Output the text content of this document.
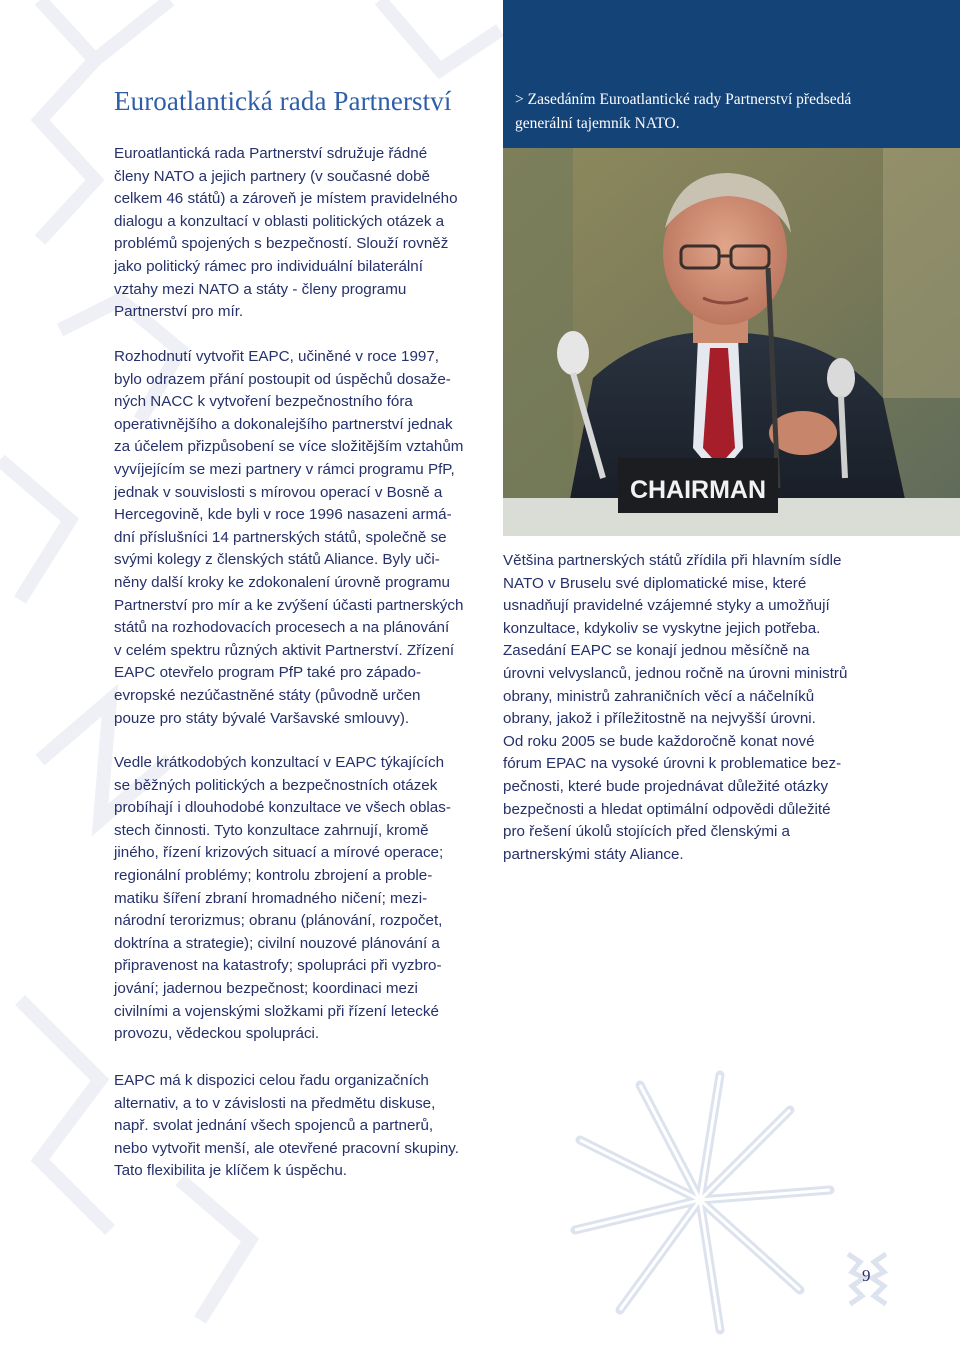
Euroatlantická rada Partnerství	> Zasedáním Euroatlantické rady Partnerství předsedá
generální tajemník NATO.

CHAIRMAN

Euroatlantická rada Partnerství sdružuje řádné
členy NATO a jejich partnery (v současné době
celkem 46 států) a zároveň je místem pravidelného
dialogu a konzultací v oblasti politických otázek a
problémů spojených s bezpečností. Slouží rovněž
jako politický rámec pro individuální bilaterální
vztahy mezi NATO a státy - členy programu
Partnerství pro mír.

Rozhodnutí vytvořit EAPC, učiněné v roce 1997,
bylo odrazem přání postoupit od úspěchů dosaže-
ných NACC k vytvoření bezpečnostního fóra
operativnějšího a dokonalejšího partnerství jednak
za účelem přizpůsobení se více složitějším vztahům
vyvíjejícím se mezi partnery v rámci programu PfP,
jednak v souvislosti s mírovou operací v Bosně a
Hercegovině, kde byli v roce 1996 nasazeni armá-
dní příslušníci 14 partnerských států, společně se
svými kolegy z členských států Aliance. Byly uči-
něny další kroky ke zdokonalení úrovně programu
Partnerství pro mír a ke zvýšení účasti partnerských
států na rozhodovacích procesech a na plánování
v celém spektru různých aktivit Partnerství. Zřízení
EAPC otevřelo program PfP také pro západo-
evropské nezúčastněné státy (původně určen
pouze pro státy bývalé Varšavské smlouvy).

Vedle krátkodobých konzultací v EAPC týkajících
se běžných politických a bezpečnostních otázek
probíhají i dlouhodobé konzultace ve všech oblas-
stech činnosti. Tyto konzultace zahrnují, kromě
jiného, řízení krizových situací a mírové operace;
regionální problémy; kontrolu zbrojení a proble-
matiku šíření zbraní hromadného ničení; mezi-
národní terorizmus; obranu (plánování, rozpočet,
doktrína a strategie); civilní nouzové plánování a
připravenost na katastrofy; spolupráci při vyzbro-
jování; jadernou bezpečnost; koordinaci mezi
civilními a vojenskými složkami při řízení letecké
provozu, vědeckou spolupráci.

EAPC má k dispozici celou řadu organizačních
alternativ, a to v závislosti na předmětu diskuse,
např. svolat jednání všech spojenců a partnerů,
nebo vytvořit menší, ale otevřené pracovní skupiny.
Tato flexibilita je klíčem k úspěchu.

Většina partnerských států zřídila při hlavním sídle
NATO v Bruselu své diplomatické mise, které
usnadňují pravidelné vzájemné styky a umožňují
konzultace, kdykoliv se vyskytne jejich potřeba.
Zasedání EAPC se konají jednou měsíčně na
úrovni velvyslanců, jednou ročně na úrovni ministrů
obrany, ministrů zahraničních věcí a náčelníků
obrany, jakož i příležitostně na nejvyšší úrovni.
Od roku 2005 se bude každoročně konat nové
fórum EPAC na vysoké úrovni k problematice bez-
pečnosti, které bude projednávat důležité otázky
bezpečnosti a hledat optimální odpovědi důležité
pro řešení úkolů stojících před členskými a
partnerskými státy Aliance.

9
